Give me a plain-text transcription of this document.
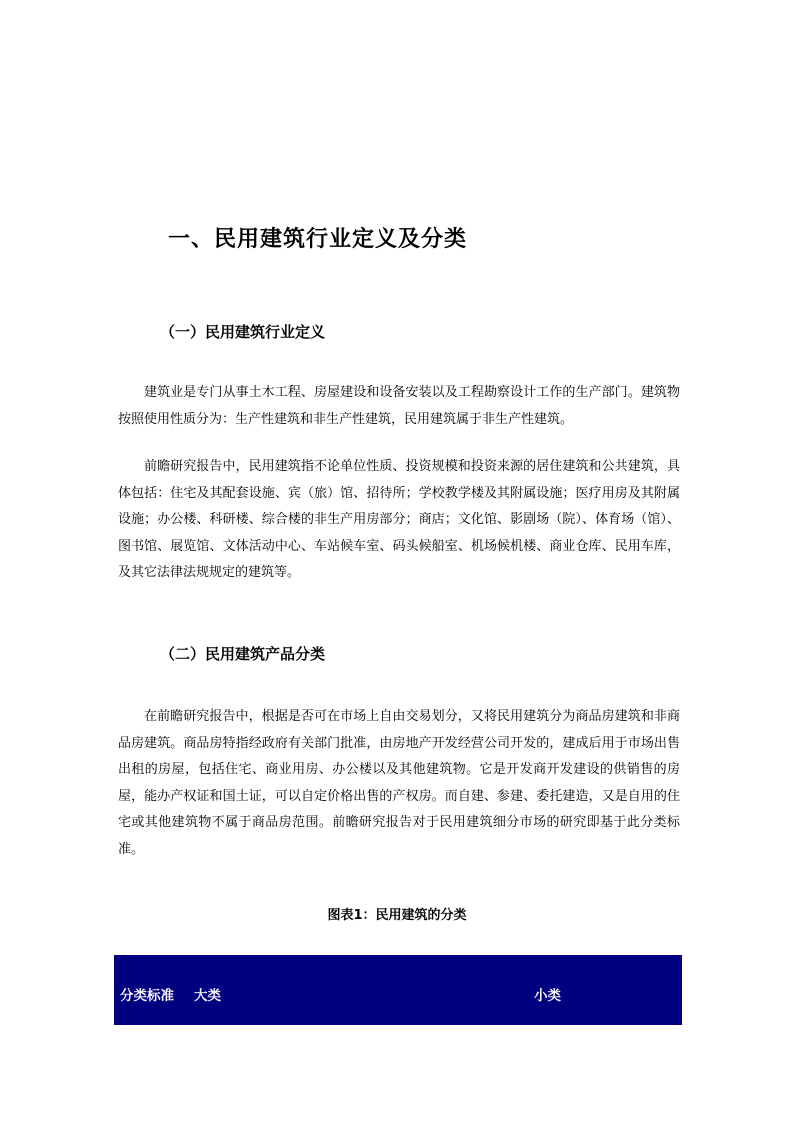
一、民用建筑行业定义及分类
（一）民用建筑行业定义

建筑业是专门从事土木工程、房屋建设和设备安装以及工程勘察设计工作的生产部门。建筑物按照使用性质分为：生产性建筑和非生产性建筑，民用建筑属于非生产性建筑。

前瞻研究报告中，民用建筑指不论单位性质、投资规模和投资来源的居住建筑和公共建筑，具体包括：住宅及其配套设施、宾（旅）馆、招待所；学校教学楼及其附属设施；医疗用房及其附属设施；办公楼、科研楼、综合楼的非生产用房部分；商店；文化馆、影剧场（院）、体育场（馆）、图书馆、展览馆、文体活动中心、车站候车室、码头候船室、机场候机楼、商业仓库、民用车库，及其它法律法规规定的建筑等。

（二）民用建筑产品分类

在前瞻研究报告中，根据是否可在市场上自由交易划分，又将民用建筑分为商品房建筑和非商品房建筑。商品房特指经政府有关部门批准，由房地产开发经营公司开发的，建成后用于市场出售出租的房屋，包括住宅、商业用房、办公楼以及其他建筑物。它是开发商开发建设的供销售的房屋，能办产权证和国土证，可以自定价格出售的产权房。而自建、参建、委托建造，又是自用的住宅或其他建筑物不属于商品房范围。前瞻研究报告对于民用建筑细分市场的研究即基于此分类标准。

图表1：民用建筑的分类
分类标准 大类	小类
